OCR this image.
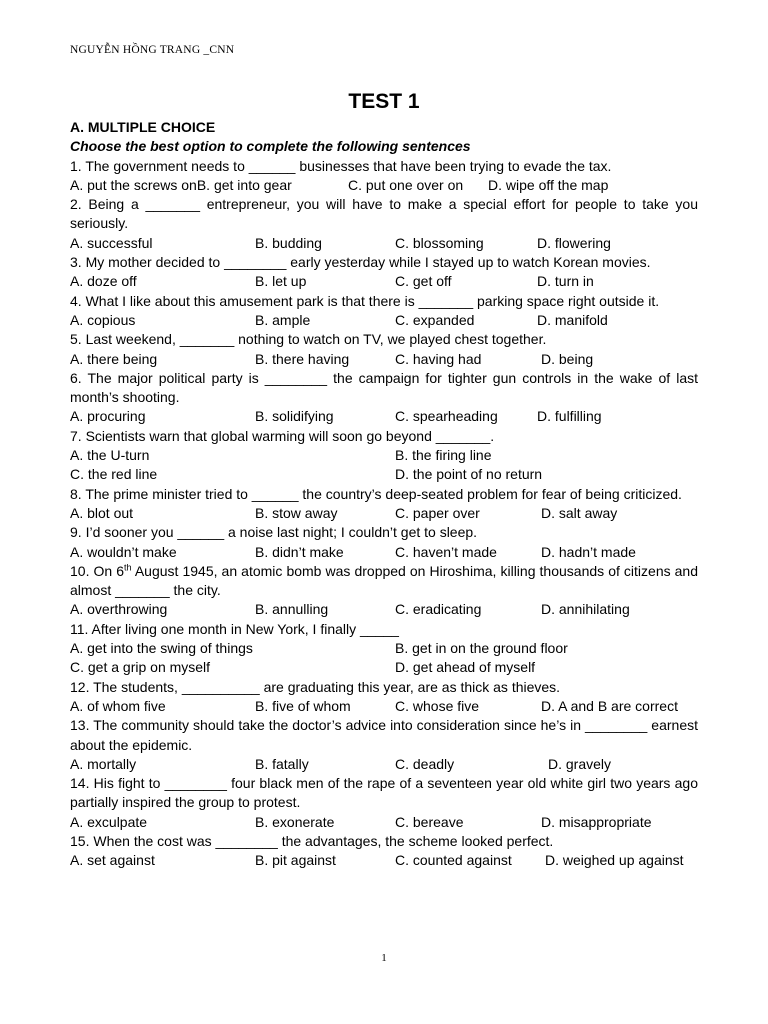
NGUYỄN HỒNG TRANG _CNN
TEST 1
A. MULTIPLE CHOICE
Choose the best option to complete the following sentences
1. The government needs to ______ businesses that have been trying to evade the tax.
A. put the screws onB. get into gear	C. put one over on	D. wipe off the map
2. Being a _______ entrepreneur, you will have to make a special effort for people to take you seriously.
A. successful	B. budding	C. blossoming	D. flowering
3. My mother decided to ________ early yesterday while I stayed up to watch Korean movies.
A. doze off	B. let up	C. get off	D. turn in
4. What I like about this amusement park is that there is _______ parking space right outside it.
A. copious	B. ample	C. expanded	D. manifold
5. Last weekend, _______ nothing to watch on TV, we played chest together.
A. there being	B. there having	C. having had	D. being
6. The major political party is ________ the campaign for tighter gun controls in the wake of last month’s shooting.
A. procuring	B. solidifying	C. spearheading	D. fulfilling
7. Scientists warn that global warming will soon go beyond _______.
A. the U-turn	B. the firing line
C. the red line	D. the point of no return
8. The prime minister tried to ______ the country’s deep-seated problem for fear of being criticized.
A. blot out	B. stow away	C. paper over	D. salt away
9. I’d sooner you ______ a noise last night; I couldn’t get to sleep.
A. wouldn’t make	B. didn’t make	C. haven’t made	D. hadn’t made
10. On 6th August 1945, an atomic bomb was dropped on Hiroshima, killing thousands of citizens and almost _______ the city.
A. overthrowing	B. annulling	C. eradicating	D. annihilating
11. After living one month in New York, I finally _____
A. get into the swing of things	B. get in on the ground floor
C. get a grip on myself	D. get ahead of myself
12. The students, __________ are graduating this year, are as thick as thieves.
A. of whom five	B. five of whom	C. whose five	D. A and B are correct
13. The community should take the doctor’s advice into consideration since he’s in ________ earnest about the epidemic.
A. mortally	B. fatally	C. deadly	D. gravely
14. His fight to ________ four black men of the rape of a seventeen year old white girl two years ago partially inspired the group to protest.
A. exculpate	B. exonerate	C. bereave	D. misappropriate
15. When the cost was ________ the advantages, the scheme looked perfect.
A. set against	B. pit against	C. counted against	D. weighed up against
1
